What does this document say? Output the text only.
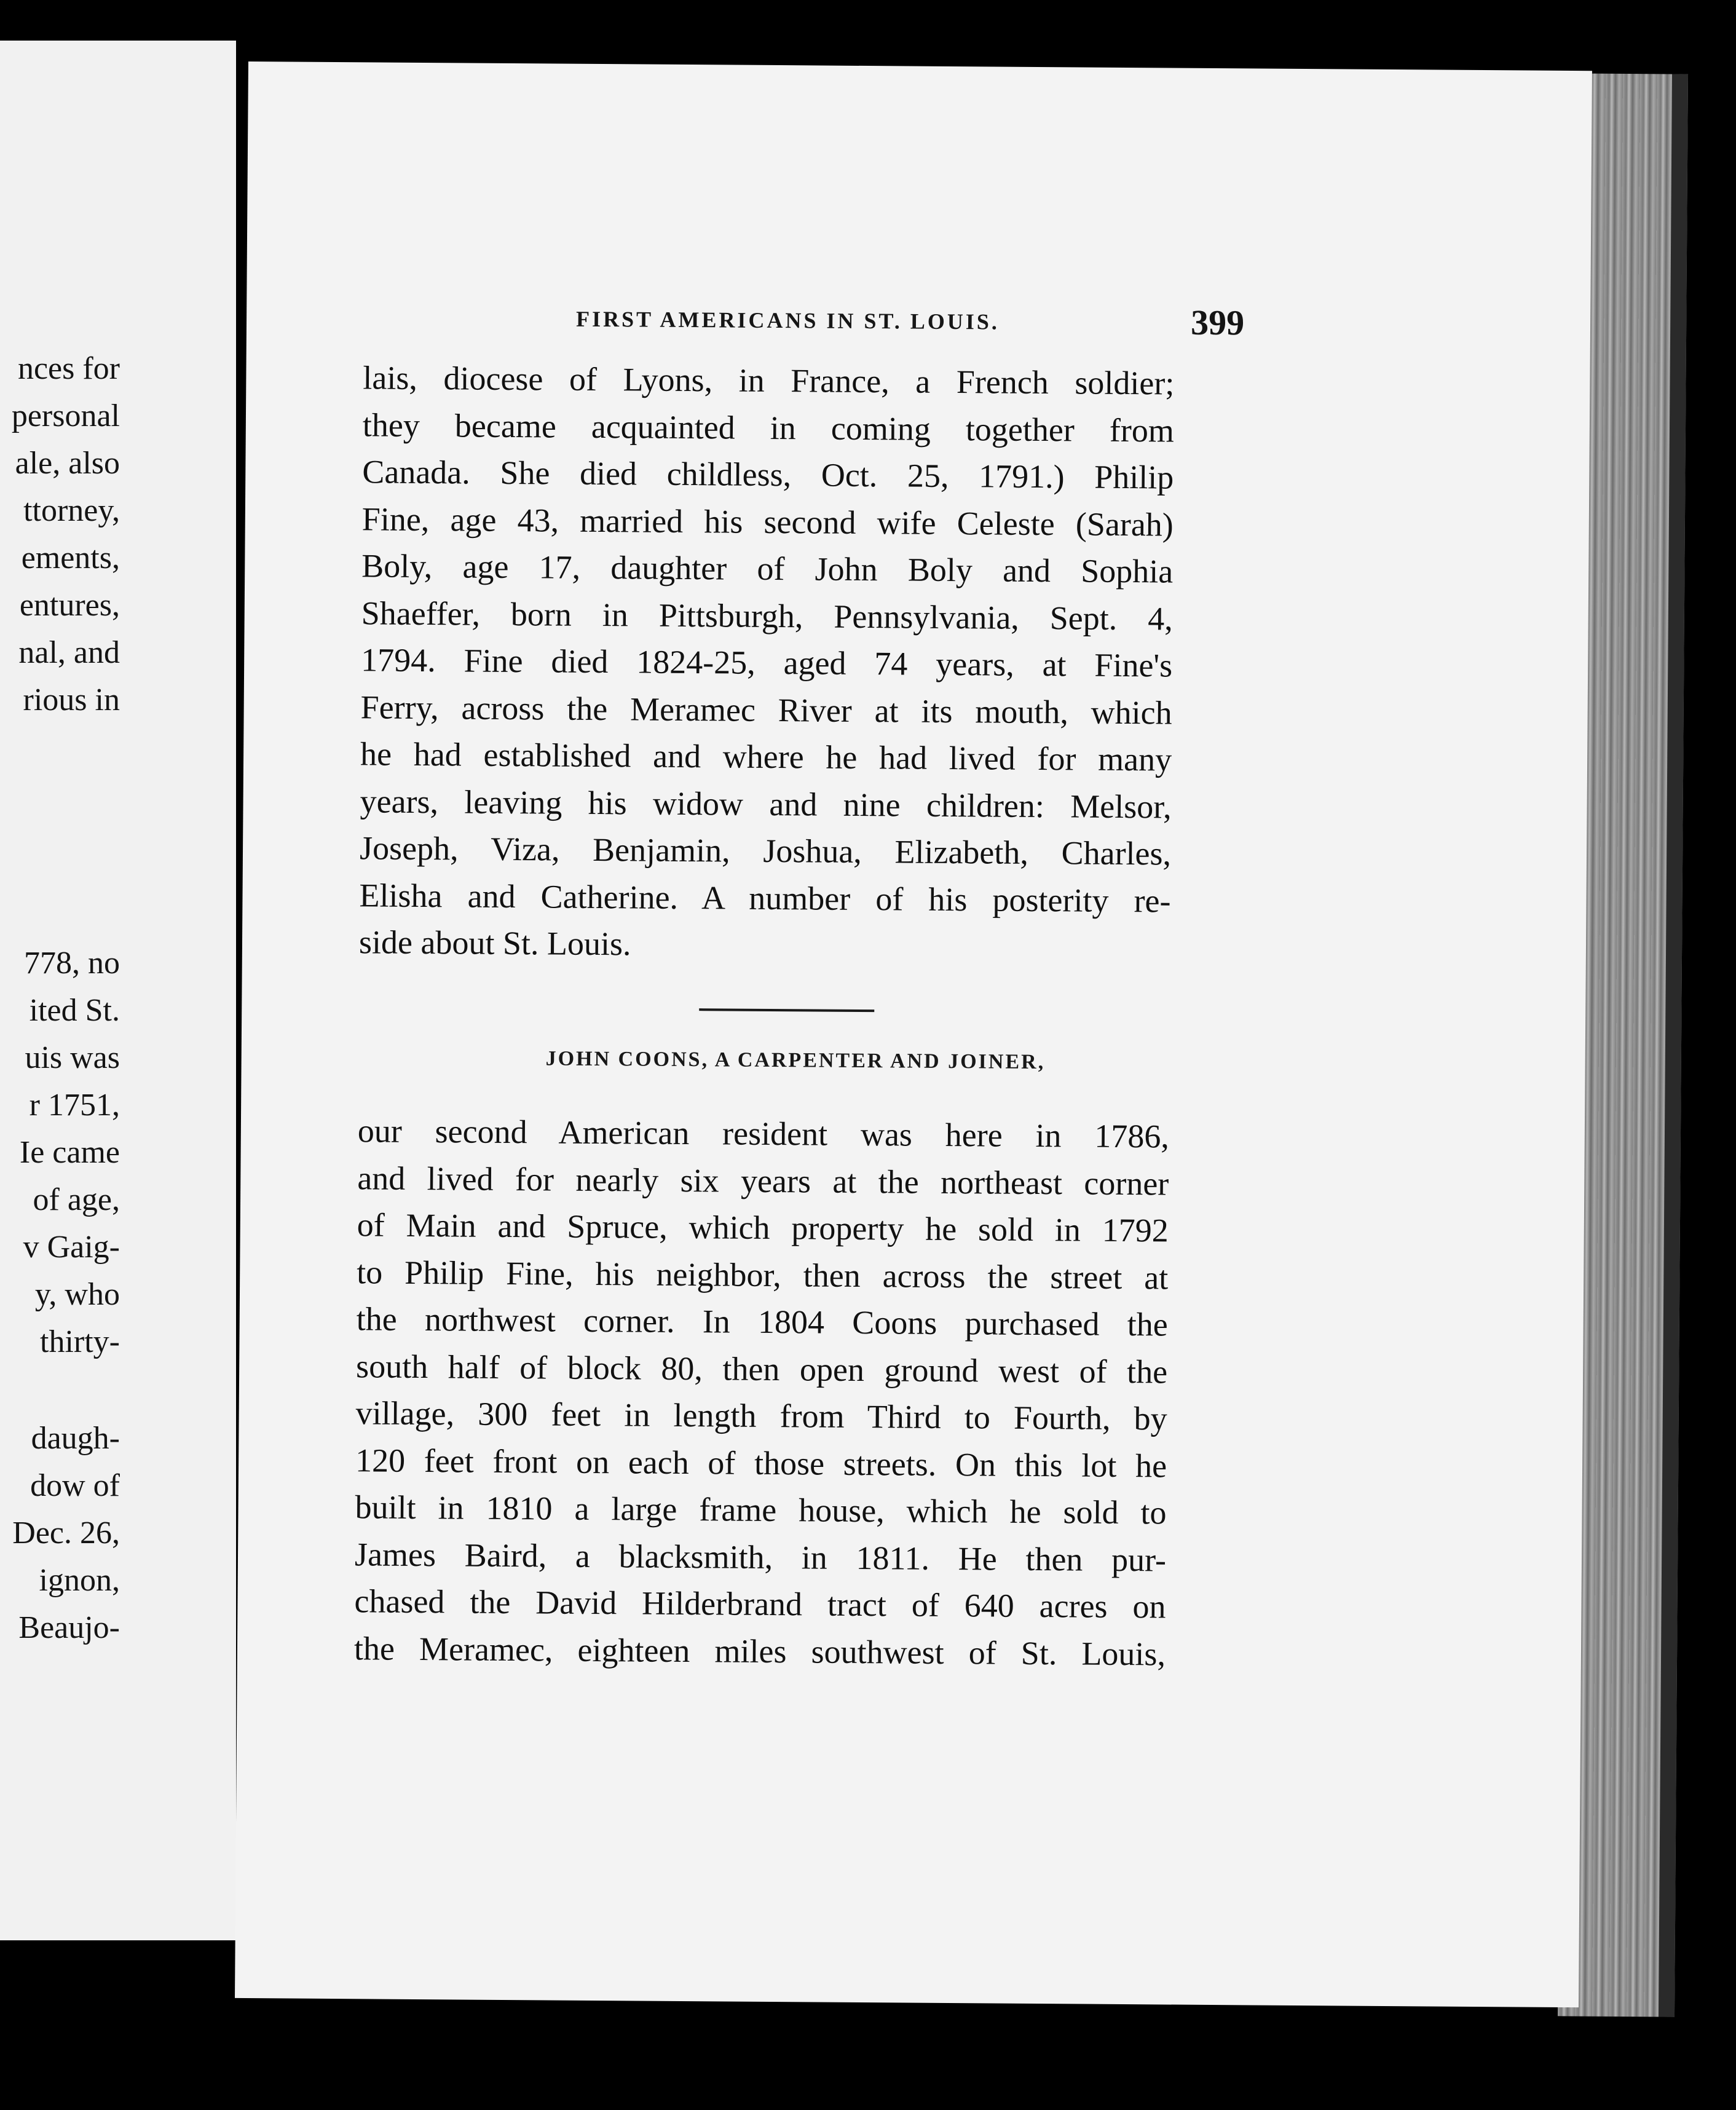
nces for
personal
ale, also
ttorney,
ements,
entures,
nal, and
rious in
778, no
ited St.
uis was
r 1751,
Ie came
of age,
v Gaig-
y, who
thirty-
daugh-
dow of
Dec. 26,
ignon,
Beaujo-
FIRST AMERICANS IN ST. LOUIS.	399
lais, diocese of Lyons, in France, a French soldier;
they became acquainted in coming together from
Canada. She died childless, Oct. 25, 1791.) Philip
Fine, age 43, married his second wife Celeste (Sarah)
Boly, age 17, daughter of John Boly and Sophia
Shaeffer, born in Pittsburgh, Pennsylvania, Sept. 4,
1794. Fine died 1824-25, aged 74 years, at Fine's
Ferry, across the Meramec River at its mouth, which
he had established and where he had lived for many
years, leaving his widow and nine children: Melsor,
Joseph, Viza, Benjamin, Joshua, Elizabeth, Charles,
Elisha and Catherine. A number of his posterity re-
side about St. Louis.
JOHN COONS, A CARPENTER AND JOINER,
our second American resident was here in 1786,
and lived for nearly six years at the northeast corner
of Main and Spruce, which property he sold in 1792
to Philip Fine, his neighbor, then across the street at
the northwest corner. In 1804 Coons purchased the
south half of block 80, then open ground west of the
village, 300 feet in length from Third to Fourth, by
120 feet front on each of those streets. On this lot he
built in 1810 a large frame house, which he sold to
James Baird, a blacksmith, in 1811. He then pur-
chased the David Hilderbrand tract of 640 acres on
the Meramec, eighteen miles southwest of St. Louis,
